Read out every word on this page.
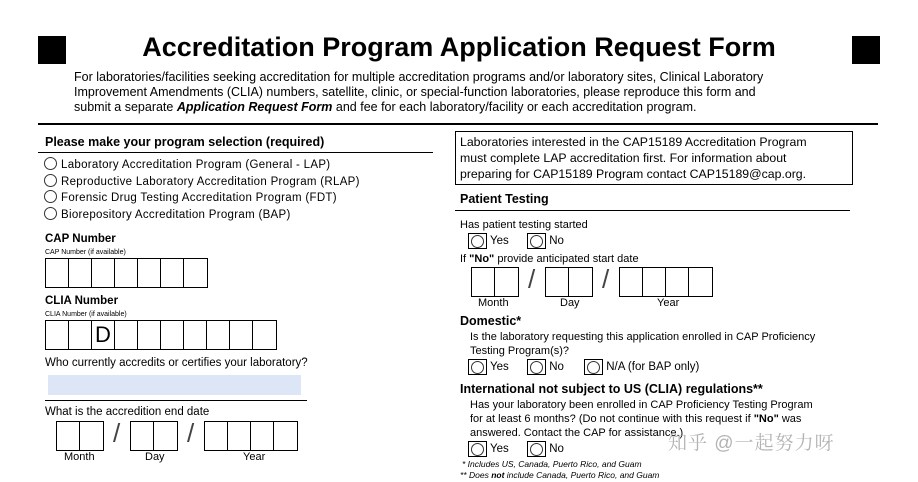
Accreditation Program Application Request Form
For laboratories/facilities seeking accreditation for multiple accreditation programs and/or laboratory sites, Clinical Laboratory
Improvement Amendments (CLIA) numbers, satellite, clinic, or special-function laboratories, please reproduce this form and
submit a separate Application Request Form and fee for each laboratory/facility or each accreditation program.
Please make your program selection (required)
Laboratory Accreditation Program (General - LAP)
Reproductive Laboratory Accreditation Program (RLAP)
Forensic Drug Testing Accreditation Program (FDT)
Biorepository Accreditation Program (BAP)
CAP Number
CAP Number (if available)
CLIA Number
CLIA Number (if available)
D
Who currently accredits or certifies your laboratory?
What is the accredition end date
/	/
Month	Day	Year
Laboratories interested in the CAP15189 Accreditation Program
must complete LAP accreditation first. For information about
preparing for CAP15189 Program contact CAP15189@cap.org.
Patient Testing
Has patient testing started
Yes	No
If "No" provide anticipated start date
/	/
Month	Day	Year
Domestic*
Is the laboratory requesting this application enrolled in CAP Proficiency
Testing Program(s)?
Yes	No	N/A (for BAP only)
International not subject to US (CLIA) regulations**
Has your laboratory been enrolled in CAP Proficiency Testing Program
for at least 6 months? (Do not continue with this request if "No" was
answered. Contact the CAP for assistance.)
Yes	No
* Includes US, Canada, Puerto Rico, and Guam
** Does not include Canada, Puerto Rico, and Guam
知乎 @一起努力呀
